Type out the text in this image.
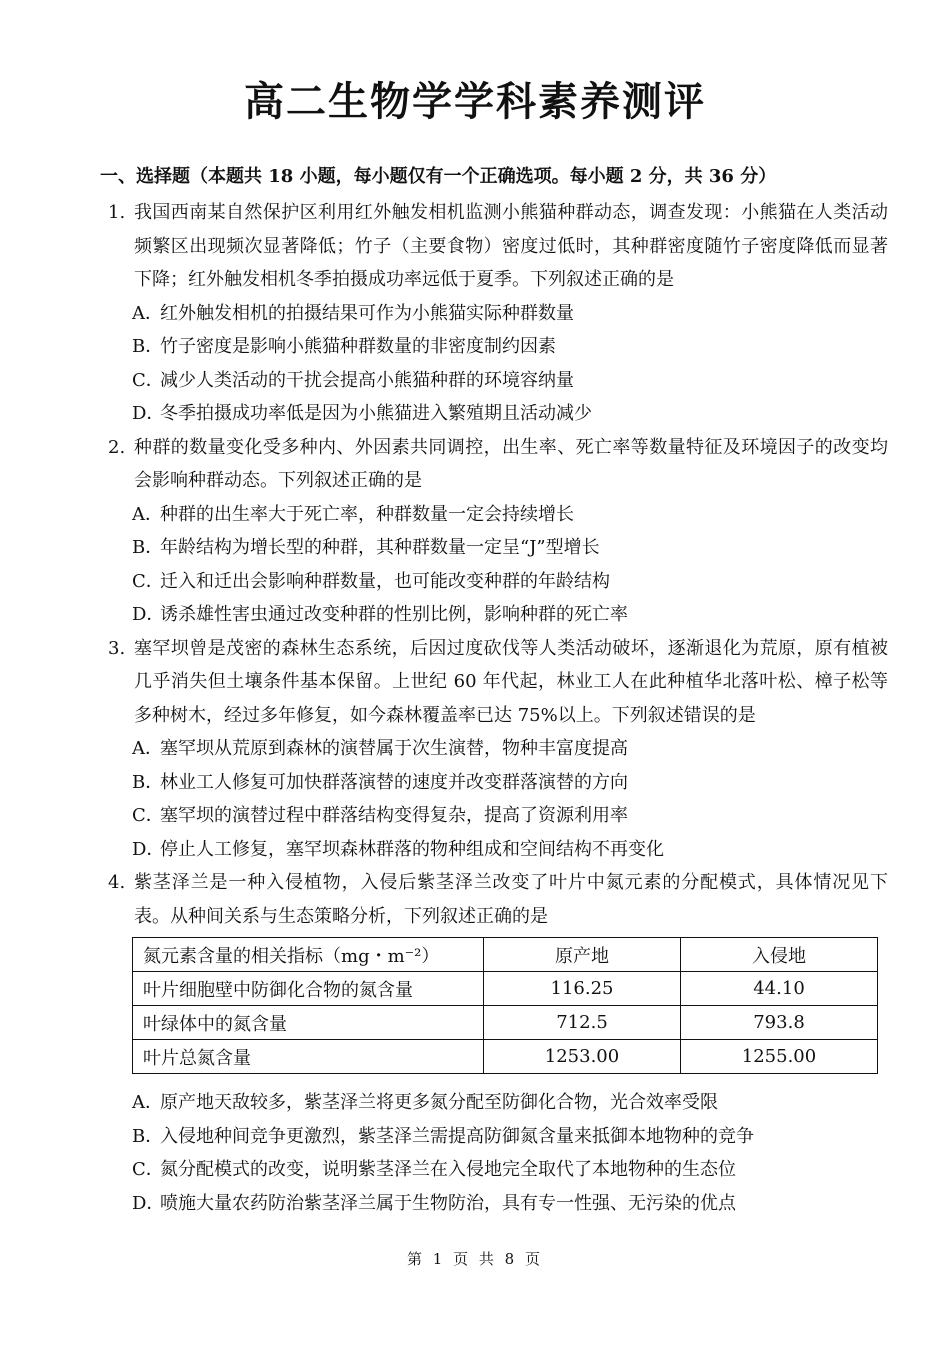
高二生物学学科素养测评
一、选择题（本题共 18 小题，每小题仅有一个正确选项。每小题 2 分，共 36 分）
1. 我国西南某自然保护区利用红外触发相机监测小熊猫种群动态，调查发现：小熊猫在人类活动频繁区出现频次显著降低；竹子（主要食物）密度过低时，其种群密度随竹子密度降低而显著下降；红外触发相机冬季拍摄成功率远低于夏季。下列叙述正确的是
A．红外触发相机的拍摄结果可作为小熊猫实际种群数量
B．竹子密度是影响小熊猫种群数量的非密度制约因素
C．减少人类活动的干扰会提高小熊猫种群的环境容纳量
D．冬季拍摄成功率低是因为小熊猫进入繁殖期且活动减少
2. 种群的数量变化受多种内、外因素共同调控，出生率、死亡率等数量特征及环境因子的改变均会影响种群动态。下列叙述正确的是
A．种群的出生率大于死亡率，种群数量一定会持续增长
B．年龄结构为增长型的种群，其种群数量一定呈“J”型增长
C．迁入和迁出会影响种群数量，也可能改变种群的年龄结构
D．诱杀雄性害虫通过改变种群的性别比例，影响种群的死亡率
3. 塞罕坝曾是茂密的森林生态系统，后因过度砍伐等人类活动破坏，逐渐退化为荒原，原有植被几乎消失但土壤条件基本保留。上世纪 60 年代起，林业工人在此种植华北落叶松、樟子松等多种树木，经过多年修复，如今森林覆盖率已达 75%以上。下列叙述错误的是
A．塞罕坝从荒原到森林的演替属于次生演替，物种丰富度提高
B．林业工人修复可加快群落演替的速度并改变群落演替的方向
C．塞罕坝的演替过程中群落结构变得复杂，提高了资源利用率
D．停止人工修复，塞罕坝森林群落的物种组成和空间结构不再变化
4. 紫茎泽兰是一种入侵植物，入侵后紫茎泽兰改变了叶片中氮元素的分配模式，具体情况见下表。从种间关系与生态策略分析，下列叙述正确的是
氮元素含量的相关指标（mg・m⁻²）	原产地	入侵地
叶片细胞壁中防御化合物的氮含量	116.25	44.10
叶绿体中的氮含量	712.5	793.8
叶片总氮含量	1253.00	1255.00
A．原产地天敌较多，紫茎泽兰将更多氮分配至防御化合物，光合效率受限
B．入侵地种间竞争更激烈，紫茎泽兰需提高防御氮含量来抵御本地物种的竞争
C．氮分配模式的改变，说明紫茎泽兰在入侵地完全取代了本地物种的生态位
D．喷施大量农药防治紫茎泽兰属于生物防治，具有专一性强、无污染的优点
第 1 页 共 8 页
